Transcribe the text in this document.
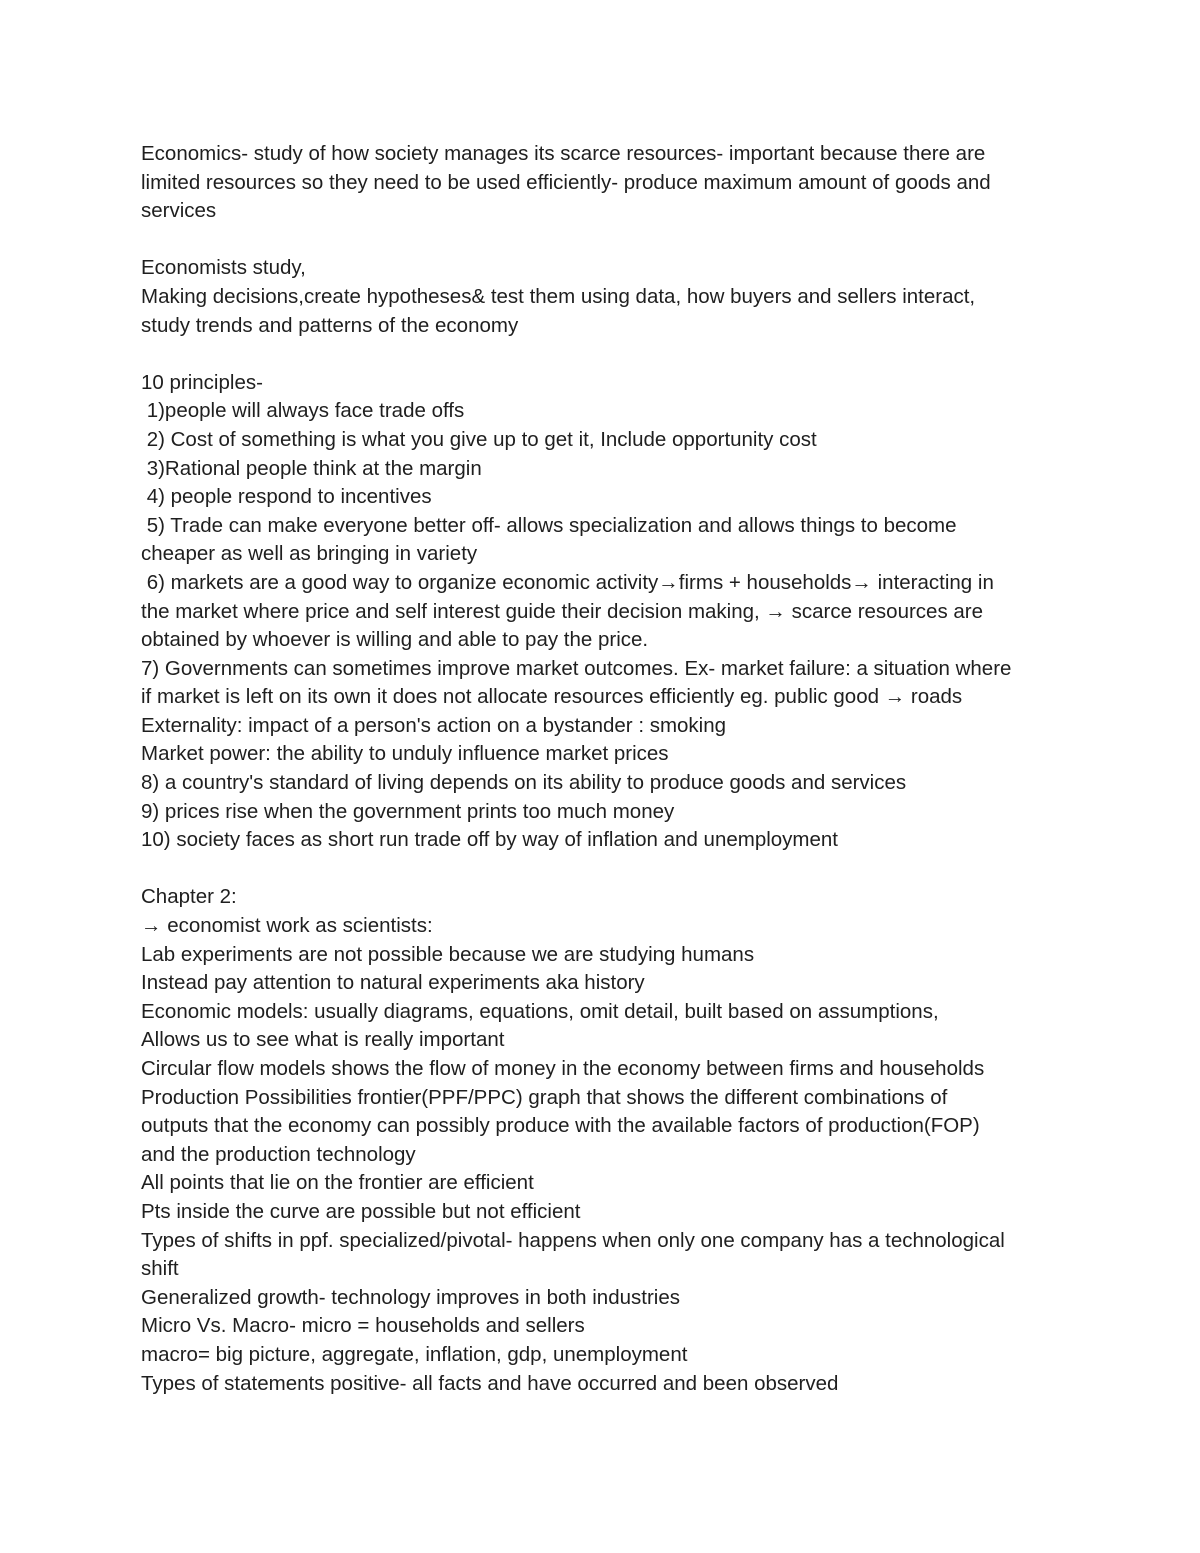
Economics- study of how society manages its scarce resources- important because there are
limited resources so they need to be used efficiently- produce maximum amount of goods and
services
Economists study,
Making decisions,create hypotheses& test them using data, how buyers and sellers interact,
study trends and patterns of the economy
10 principles-
1)people will always face trade offs
2) Cost of something is what you give up to get it, Include opportunity cost
3)Rational people think at the margin
4) people respond to incentives
5) Trade can make everyone better off- allows specialization and allows things to become
cheaper as well as bringing in variety
6) markets are a good way to organize economic activity→firms + households→ interacting in
the market where price and self interest guide their decision making, → scarce resources are
obtained by whoever is willing and able to pay the price.
7) Governments can sometimes improve market outcomes. Ex- market failure: a situation where
if market is left on its own it does not allocate resources efficiently eg. public good → roads
Externality: impact of a person's action on a bystander : smoking
Market power: the ability to unduly influence market prices
8) a country's standard of living depends on its ability to produce goods and services
9) prices rise when the government prints too much money
10) society faces as short run trade off by way of inflation and unemployment
Chapter 2:
→ economist work as scientists:
Lab experiments are not possible because we are studying humans
Instead pay attention to natural experiments aka history
Economic models: usually diagrams, equations, omit detail, built based on assumptions,
Allows us to see what is really important
Circular flow models shows the flow of money in the economy between firms and households
Production Possibilities frontier(PPF/PPC) graph that shows the different combinations of
outputs that the economy can possibly produce with the available factors of production(FOP)
and the production technology
All points that lie on the frontier are efficient
Pts inside the curve are possible but not efficient
Types of shifts in ppf. specialized/pivotal- happens when only one company has a technological
shift
Generalized growth- technology improves in both industries
Micro Vs. Macro- micro = households and sellers
macro= big picture, aggregate, inflation, gdp, unemployment
Types of statements positive- all facts and have occurred and been observed
